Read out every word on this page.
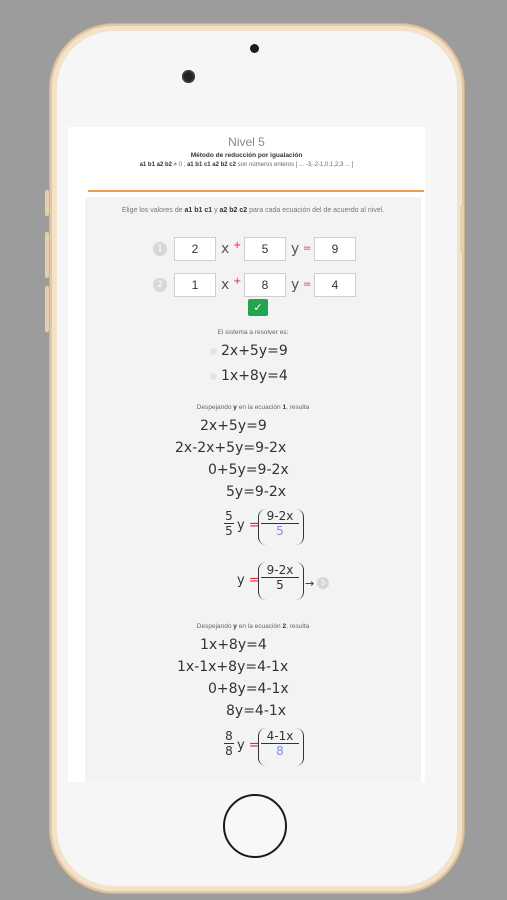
Nivel 5
Método de reducción por igualación
a1 b1 a2 b2 ≠ 0 ; a1 b1 c1 a2 b2 c2 son números enteros [ ... -3,-2-1,0,1,2,3 ... ]
Elige los valores de a1 b1 c1 y a2 b2 c2 para cada ecuación del de acuerdo al nivel.
1	2	x +	5	y =	9
2	1	x +	8	y =	4
✓
El sistema a resolver es:
2x+5y=9
1x+8y=4
Despejando y en la ecuación 1, resulta
2x+5y=9
2x-2x+5y=9-2x
0+5y=9-2x
5y=9-2x
$\frac{5}{5}$ $y = \frac{9-2x}{5}$
$y = \frac{9-2x}{5} \to 3$
Despejando y en la ecuación 2, resulta
1x+8y=4
1x-1x+8y=4-1x
0+8y=4-1x
8y=4-1x
$\frac{8}{8}$ $y = \frac{4-1x}{8}$
